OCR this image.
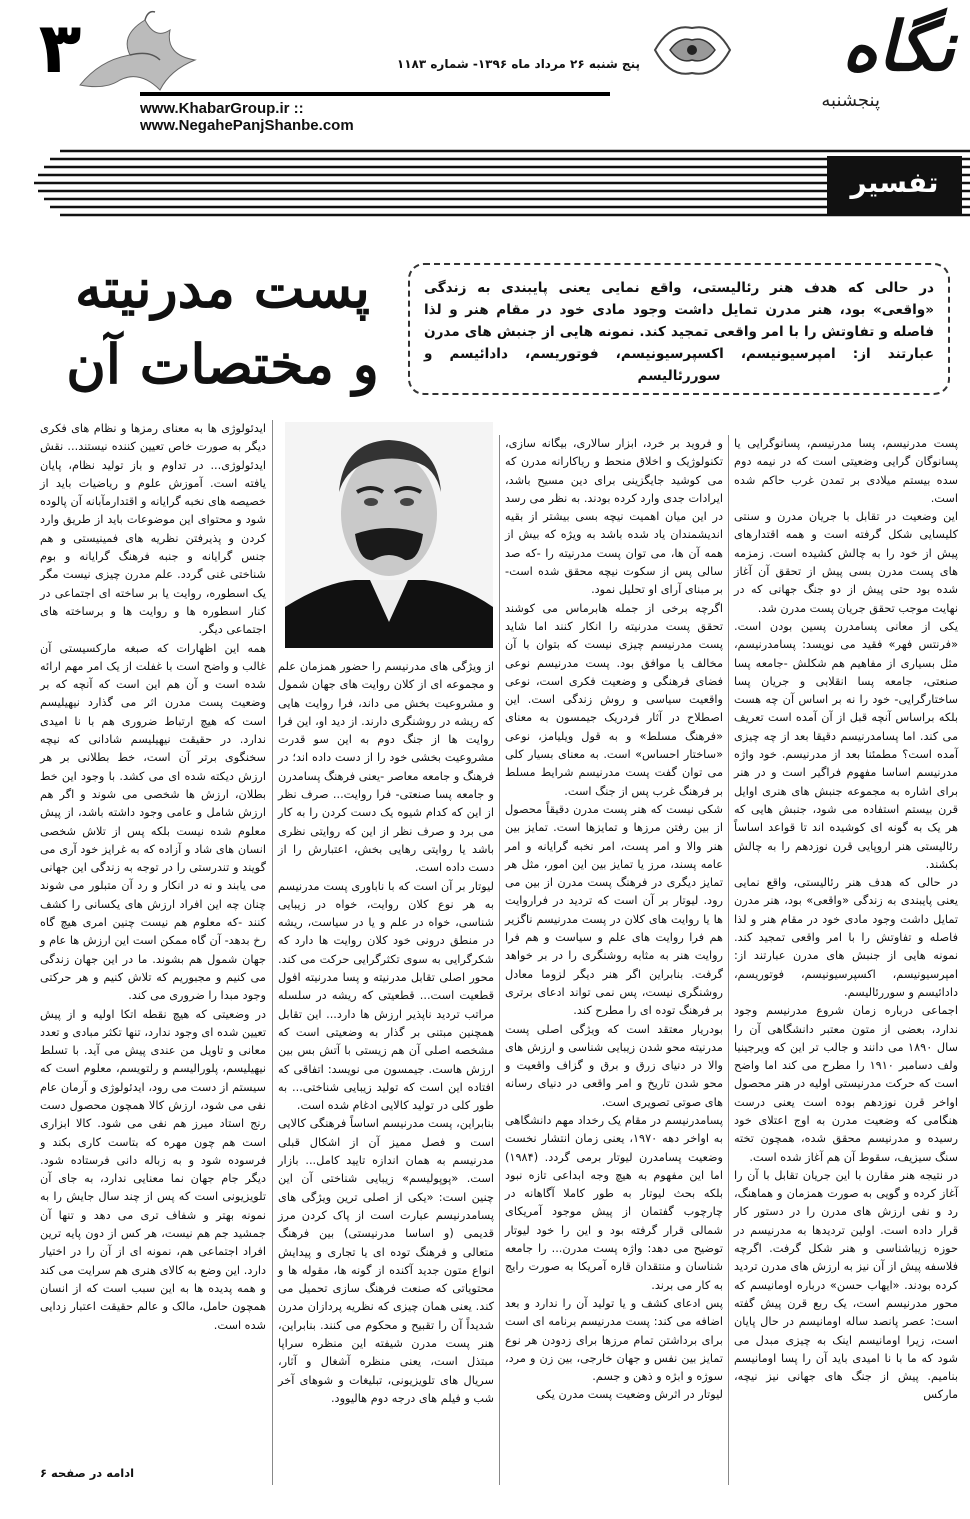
۳	پنج شنبه ۲۶ مرداد ماه ۱۳۹۶- شماره ۱۱۸۳
www.KhabarGroup.ir :: www.NegahePanjShanbe.com
نگاه
پنجشنبه
تفسیر
پست مدرنیته
و مختصات آن
در حالی که هدف هنر رئالیستی، واقع نمایی یعنی پایبندی به زندگی «واقعی» بود، هنر مدرن تمایل داشت وجود مادی خود در مقام هنر و لذا فاصله و تفاوتش را با امر واقعی تمجید کند. نمونه هایی از جنبش های مدرن عبارتند از: امپرسیونیسم، اکسپرسیونیسم، فوتوریسم، دادائیسم و سوررئالیسم

پست مدرنیسم، پسا مدرنیسم، پسانوگرایی یا پسانوگان گرایی وضعیتی است که در نیمه دوم سده بیستم میلادی بر تمدن غرب حاکم شده است.

این وضعیت در تقابل با جریان مدرن و سنتی کلیسایی شکل گرفته است و همه اقتدارهای پیش از خود را به چالش کشیده است. زمزمه های پست مدرن بسی پیش از تحقق آن آغاز شده بود حتی پیش از دو جنگ جهانی که در نهایت موجب تحقق جریان پست مدرن شد.

یکی از معانی پسامدرن پسین بودن است. «فرنتس فهر» فقید می نویسد: پسامدرنیسم، مثل بسیاری از مفاهیم هم شکلش -جامعه پسا صنعتی، جامعه پسا انقلابی و جریان پسا ساختارگرایی- خود را نه بر اساس آن چه هست بلکه براساس آنچه قبل از آن آمده است تعریف می کند. اما پسامدرنیسم دقیقا بعد از چه چیزی آمده است؟ مطمئنا بعد از مدرنیسم. خود واژه مدرنیسم اساسا مفهوم فراگیر است و در هنر برای اشاره به مجموعه جنبش های هنری اوایل قرن بیستم استفاده می شود، جنبش هایی که هر یک به گونه ای کوشیده اند تا قواعد اساساً رئالیستی هنر اروپایی قرن نوزدهم را به چالش بکشند.

در حالی که هدف هنر رئالیستی، واقع نمایی یعنی پایبندی به زندگی «واقعی» بود، هنر مدرن تمایل داشت وجود مادی خود در مقام هنر و لذا فاصله و تفاوتش را با امر واقعی تمجید کند. نمونه هایی از جنبش های مدرن عبارتند از: امپرسیونیسم، اکسپرسیونیسم، فوتوریسم، دادائیسم و سوررئالیسم.

اجماعی درباره زمان شروع مدرنیسم وجود ندارد، بعضی از متون معتبر دانشگاهی آن را سال ۱۸۹۰ می دانند و جالب تر این که ویرجینیا ولف دسامبر ۱۹۱۰ را مطرح می کند اما واضح است که حرکت مدرنیستی اولیه در هنر محصول اواخر قرن نوزدهم بوده است یعنی درست هنگامی که وضعیت مدرن به اوج اعتلای خود رسیده و مدرنیسم محقق شده، همچون تخته سنگ سیزیف، سقوط آن هم آغاز شده است.

در نتیجه هنر مقارن با این جریان تقابل با آن را آغاز کرده و گویی به صورت همزمان و هماهنگ، رد و نفی ارزش های مدرن را در دستور کار قرار داده است. اولین تردیدها به مدرنیسم در حوزه زیباشناسی و هنر شکل گرفت. اگرچه فلاسفه پیش از آن نیز به ارزش های مدرن تردید کرده بودند. «ایهاب حسن» درباره اومانیسم که محور مدرنیسم است، یک ربع قرن پیش گفته است: عصر پانصد ساله اومانیسم در حال پایان است، زیرا اومانیسم اینک به چیزی مبدل می شود که ما با نا امیدی باید آن را پسا اومانیسم بنامیم. پیش از جنگ های جهانی نیز نیچه، مارکس

و فروید بر خرد، ابزار سالاری، بیگانه سازی، تکنولوژیک و اخلاق منحط و ریاکارانه مدرن که می کوشید جایگزینی برای دین مسیح باشد، ایرادات جدی وارد کرده بودند. به نظر می رسد در این میان اهمیت نیچه بسی بیشتر از بقیه اندیشمندان یاد شده باشد به ویژه که بیش از همه آن ها، می توان پست مدرنیته را -که صد سالی پس از سکوت نیچه محقق شده است- بر مبنای آرای او تحلیل نمود.

اگرچه برخی از جمله هابرماس می کوشند تحقق پست مدرنیته را انکار کنند اما شاید پست مدرنیسم چیزی نیست که بتوان با آن مخالف یا موافق بود. پست مدرنیسم نوعی فضای فرهنگی و وضعیت فکری است، نوعی واقعیت سیاسی و روش زندگی است. این اصطلاح در آثار فردریک جیمسون به معنای «فرهنگ مسلط» و به قول ویلیامز، نوعی «ساختار احساس» است. به معنای بسیار کلی می توان گفت پست مدرنیسم شرایط مسلط بر فرهنگ غرب پس از جنگ است.

شکی نیست که هنر پست مدرن دقیقاً محصول از بین رفتن مرزها و تمایزها است. تمایز بین هنر والا و امر پست، امر نخبه گرایانه و امر عامه پسند، مرز یا تمایز بین این امور، مثل هر تمایز دیگری در فرهنگ پست مدرن از بین می رود. لیوتار بر آن است که تردید در فراروایت ها یا روایت های کلان در پست مدرنیسم ناگزیر هم فرا روایت های علم و سیاست و هم فرا روایت هنر به مثابه روشنگری را در بر خواهد گرفت. بنابراین اگر هنر دیگر لزوما معادل روشنگری نیست، پس نمی تواند ادعای برتری بر فرهنگ توده ای را مطرح کند.

بودریار معتقد است که ویژگی اصلی پست مدرنیته محو شدن زیبایی شناسی و ارزش های والا در دنیای زرق و برق و گزاف واقعیت و محو شدن تاریخ و امر واقعی در دنیای رسانه های صوتی تصویری است.

پسامدرنیسم در مقام یک رخداد مهم دانشگاهی به اواخر دهه ۱۹۷۰، یعنی زمان انتشار نخست وضعیت پسامدرن لیوتار برمی گردد. (۱۹۸۴) اما این مفهوم به هیچ وجه ابداعی تازه نبود بلکه بحث لیوتار به طور کاملا آگاهانه در چارچوب گفتمان از پیش موجود آمریکای شمالی قرار گرفته بود و این را خود لیوتار توضیح می دهد: واژه پست مدرن... را جامعه شناسان و منتقدان قاره آمریکا به صورت رایج به کار می برند.

پس ادعای کشف و یا تولید آن را ندارد و بعد اضافه می کند: پست مدرنیسم برنامه ای است برای برداشتن تمام مرزها برای زدودن هر نوع تمایز بین نفس و جهان خارجی، بین زن و مرد، سوژه و ابژه و ذهن و جسم.

لیوتار در اثرش وضعیت پست مدرن یکی

از ویژگی های مدرنیسم را حضور همزمان علم و مجموعه ای از کلان روایت های جهان شمول و مشروعیت بخش می داند، فرا روایت هایی که ریشه در روشنگری دارند. از دید او، این فرا روایت ها از جنگ دوم به این سو قدرت مشروعیت بخشی خود را از دست داده اند؛ در فرهنگ و جامعه معاصر -یعنی فرهنگ پسامدرن و جامعه پسا صنعتی- فرا روایت... صرف نظر از این که کدام شیوه یک دست کردن را به کار می برد و صرف نظر از این که روایتی نظری باشد یا روایتی رهایی بخش، اعتبارش را از دست داده است.

لیوتار بر آن است که با ناباوری پست مدرنیسم به هر نوع کلان روایت، خواه در زیبایی شناسی، خواه در علم و یا در سیاست، ریشه در منطق درونی خود کلان روایت ها دارد که شکرگرایی به سوی تکثرگرایی حرکت می کند. محور اصلی تقابل مدرنیته و پسا مدرنیته افول قطعیت است... قطعیتی که ریشه در سلسله مراتب تردید ناپذیر ارزش ها دارد... این تقابل همچنین مبتنی بر گذار به وضعیتی است که مشخصه اصلی آن هم زیستی با آتش بس بین ارزش هاست. جیمسون می نویسد: اتفاقی که افتاده این است که تولید زیبایی شناختی... به طور کلی در تولید کالایی ادغام شده است.

بنابراین، پست مدرنیسم اساساً فرهنگی کالایی است و فصل ممیز آن از اشکال قبلی مدرنیسم به همان اندازه تایید کامل... بازار است. «پوپولیسم» زیبایی شناختی آن این چنین است: «یکی از اصلی ترین ویژگی های پسامدرنیسم عبارت است از پاک کردن مرز قدیمی (و اساسا مدرنیستی) بین فرهنگ متعالی و فرهنگ توده ای یا تجاری و پیدایش انواع متون جدید آکنده از گونه ها، مقوله ها و محتویاتی که صنعت فرهنگ سازی تحمیل می کند. یعنی همان چیزی که نظریه پردازان مدرن شدیداً آن را تقبیح و محکوم می کنند. بنابراین، هنر پست مدرن شیفته این منظره سراپا مبتذل است، یعنی منظره آشغال و آثار، سریال های تلویزیونی، تبلیغات و شوهای آخر شب و فیلم های درجه دوم هالیوود.

ایدئولوژی ها به معنای رمزها و نظام های فکری دیگر به صورت خاص تعیین کننده نیستند... نقش ایدئولوژی... در تداوم و باز تولید نظام، پایان یافته است. آموزش علوم و ریاضیات باید از خصیصه های نخبه گرایانه و اقتدارمآبانه آن پالوده شود و محتوای این موضوعات باید از طریق وارد کردن و پذیرفتن نظریه های فمینیستی و هم جنس گرایانه و جنبه فرهنگ گرایانه و بوم شناختی غنی گردد. علم مدرن چیزی نیست مگر یک اسطوره، روایت یا بر ساخته ای اجتماعی در کنار اسطوره ها و روایت ها و برساخته های اجتماعی دیگر.

همه این اظهارات که صبغه مارکسیستی آن غالب و واضح است با غفلت از یک امر مهم ارائه شده است و آن هم این است که آنچه که بر وضعیت پست مدرن اثر می گذارد نیهیلیسم است که هیچ ارتباط ضروری هم با نا امیدی ندارد. در حقیقت نیهیلیسم شادانی که نیچه سخنگوی برتر آن است، خط بطلانی بر هر ارزش دیکته شده ای می کشد. با وجود این خط بطلان، ارزش ها شخصی می شوند و اگر هم ارزش شامل و عامی وجود داشته باشد، از پیش معلوم شده نیست بلکه پس از تلاش شخصی انسان های شاد و آزاده که به غرایز خود آری می گویند و تندرستی را در توجه به زندگی این جهانی می یابند و نه در انکار و رد آن متبلور می شوند چنان چه این افراد ارزش های یکسانی را کشف کنند -که معلوم هم نیست چنین امری هیچ گاه رخ بدهد- آن گاه ممکن است این ارزش ها عام و جهان شمول هم بشوند. ما در این جهان زندگی می کنیم و مجبوریم که تلاش کنیم و هر حرکتی وجود مبدا را ضروری می کند.

در وضعیتی که هیچ نقطه اتکا اولیه و از پیش تعیین شده ای وجود ندارد، تنها تکثر مبادی و تعدد معانی و تاویل من عندی پیش می آید. با تسلط نیهیلیسم، پلورالیسم و رلتویسم، معلوم است که سیستم از دست می رود، ایدئولوژی و آرمان عام نفی می شود، ارزش کالا همچون محصول دست رنج استاد میرز هم نفی می شود. کالا ابزاری است هم چون مهره که بتاست کاری بکند و فرسوده شود و به زباله دانی فرستاده شود. دیگر جام جهان نما معنایی ندارد، به جای آن تلویزیونی است که پس از چند سال جایش را به نمونه بهتر و شفاف تری می دهد و تنها آن جمشید جم هم نیست، هر کس از دون پایه ترین افراد اجتماعی هم، نمونه ای از آن را در اختیار دارد. این وضع به کالای هنری هم سرایت می کند و همه پدیده ها به این سبب است که از انسان همچون حامل، مالک و عالم حقیقت اعتبار زدایی شده است.

ادامه در صفحه ۶
